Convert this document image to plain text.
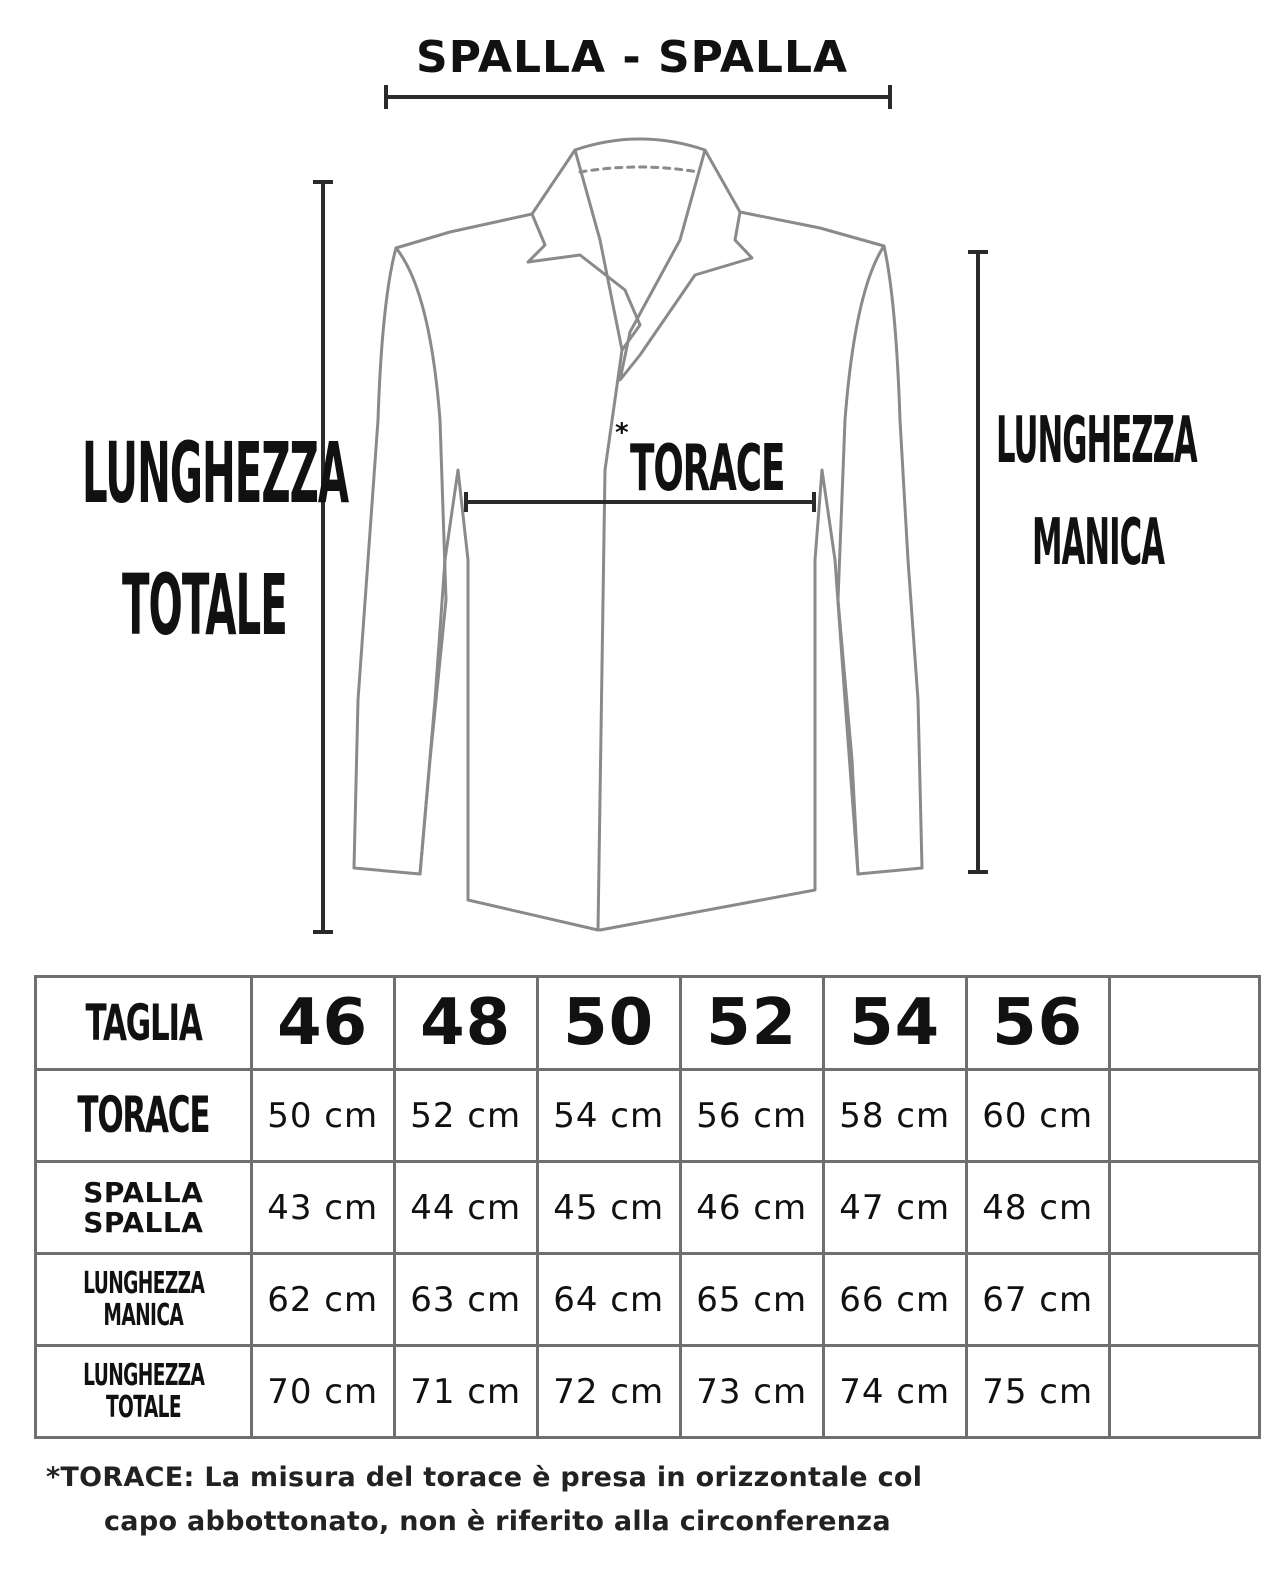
SPALLA - SPALLA
LUNGHEZZA
TOTALE
* TORACE	LUNGHEZZA
MANICA
TAGLIA	46	48	50	52	54	56	
TORACE	50 cm	52 cm	54 cm	56 cm	58 cm	60 cm	

SPALLA
SPALLA	43 cm	44 cm	45 cm	46 cm	47 cm	48 cm	
LUNGHEZZA
MANICA	62 cm	63 cm	64 cm	65 cm	66 cm	67 cm	
LUNGHEZZA
TOTALE	70 cm	71 cm	72 cm	73 cm	74 cm	75 cm	
*TORACE: La misura del torace è presa in orizzontale col
capo abbottonato, non è riferito alla circonferenza
